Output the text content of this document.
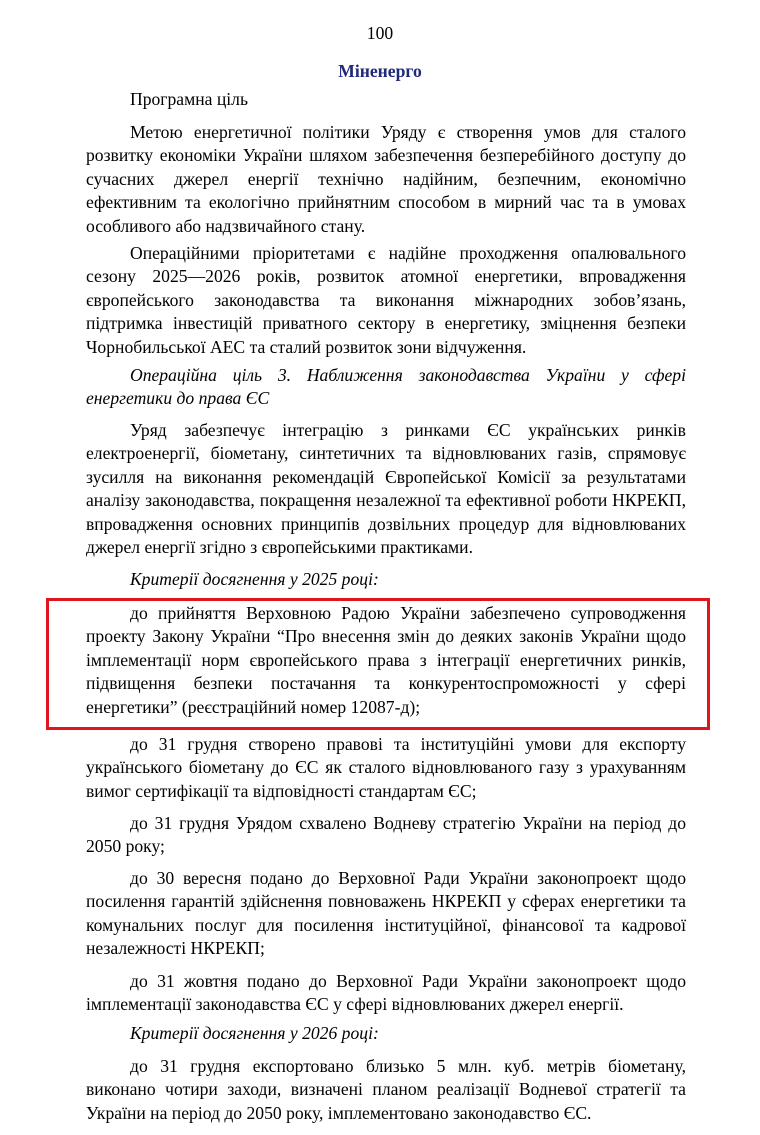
100
Міненерго

Програмна ціль

Метою енергетичної політики Уряду є створення умов для сталого розвитку економіки України шляхом забезпечення безперебійного доступу до сучасних джерел енергії технічно надійним, безпечним, економічно ефективним та екологічно прийнятним способом в мирний час та в умовах особливого або надзвичайного стану.

Операційними пріоритетами є надійне проходження опалювального сезону 2025—2026 років, розвиток атомної енергетики, впровадження європейського законодавства та виконання міжнародних зобов’язань, підтримка інвестицій приватного сектору в енергетику, зміцнення безпеки Чорнобильської АЕС та сталий розвиток зони відчуження.

Операційна ціль 3. Наближення законодавства України у сфері енергетики до права ЄС

Уряд забезпечує інтеграцію з ринками ЄС українських ринків електроенергії, біометану, синтетичних та відновлюваних газів, спрямовує зусилля на виконання рекомендацій Європейської Комісії за результатами аналізу законодавства, покращення незалежної та ефективної роботи НКРЕКП, впровадження основних принципів дозвільних процедур для відновлюваних джерел енергії згідно з європейськими практиками.

Критерії досягнення у 2025 році:

до прийняття Верховною Радою України забезпечено супроводження проекту Закону України “Про внесення змін до деяких законів України щодо імплементації норм європейського права з інтеграції енергетичних ринків, підвищення безпеки постачання та конкурентоспроможності у сфері енергетики” (реєстраційний номер 12087-д);

до 31 грудня створено правові та інституційні умови для експорту українського біометану до ЄС як сталого відновлюваного газу з урахуванням вимог сертифікації та відповідності стандартам ЄС;

до 31 грудня Урядом схвалено Водневу стратегію України на період до 2050 року;

до 30 вересня подано до Верховної Ради України законопроект щодо посилення гарантій здійснення повноважень НКРЕКП у сферах енергетики та комунальних послуг для посилення інституційної, фінансової та кадрової незалежності НКРЕКП;

до 31 жовтня подано до Верховної Ради України законопроект щодо імплементації законодавства ЄС у сфері відновлюваних джерел енергії.

Критерії досягнення у 2026 році:

до 31 грудня експортовано близько 5 млн. куб. метрів біометану, виконано чотири заходи, визначені планом реалізації Водневої стратегії та України на період до 2050 року, імплементовано законодавство ЄС.
